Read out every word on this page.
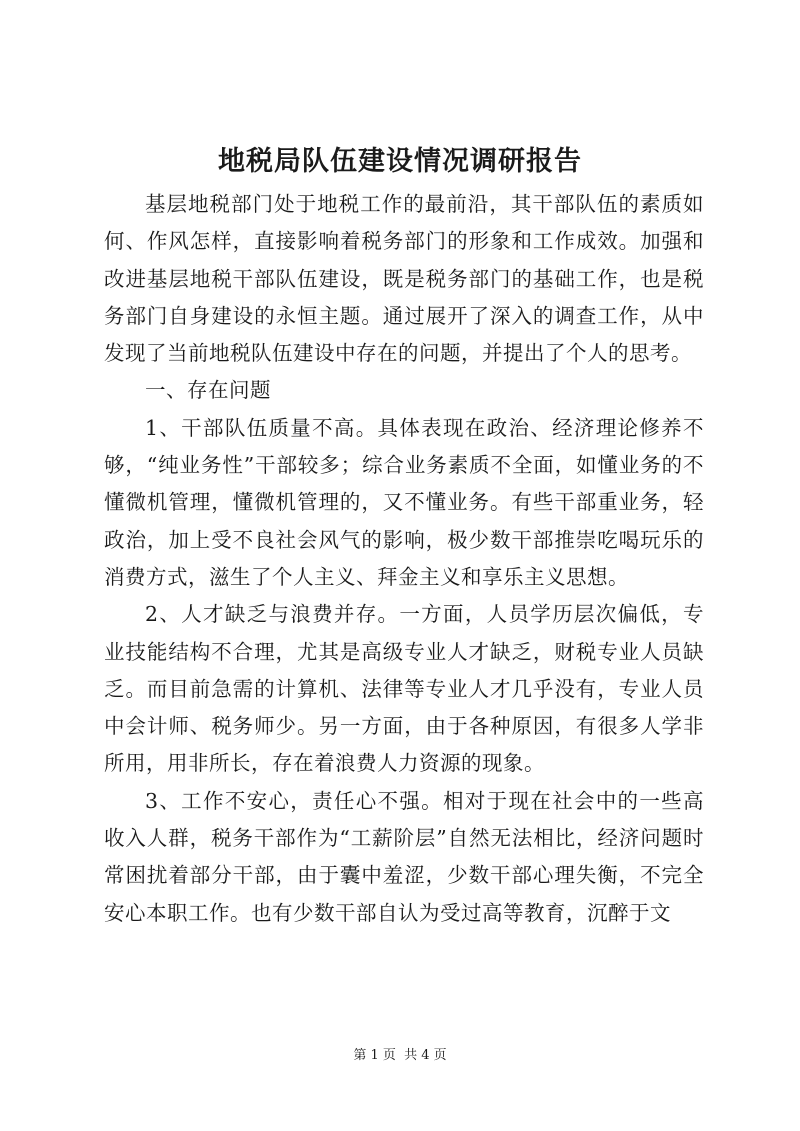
地税局队伍建设情况调研报告

基层地税部门处于地税工作的最前沿，其干部队伍的素质如何、作风怎样，直接影响着税务部门的形象和工作成效。加强和改进基层地税干部队伍建设，既是税务部门的基础工作，也是税务部门自身建设的永恒主题。通过展开了深入的调查工作，从中发现了当前地税队伍建设中存在的问题，并提出了个人的思考。

一、存在问题

1、干部队伍质量不高。具体表现在政治、经济理论修养不够，“纯业务性”干部较多；综合业务素质不全面，如懂业务的不懂微机管理，懂微机管理的，又不懂业务。有些干部重业务，轻政治，加上受不良社会风气的影响，极少数干部推崇吃喝玩乐的消费方式，滋生了个人主义、拜金主义和享乐主义思想。

2、人才缺乏与浪费并存。一方面，人员学历层次偏低，专业技能结构不合理，尤其是高级专业人才缺乏，财税专业人员缺乏。而目前急需的计算机、法律等专业人才几乎没有，专业人员中会计师、税务师少。另一方面，由于各种原因，有很多人学非所用，用非所长，存在着浪费人力资源的现象。

3、工作不安心，责任心不强。相对于现在社会中的一些高收入人群，税务干部作为“工薪阶层”自然无法相比，经济问题时常困扰着部分干部，由于囊中羞涩，少数干部心理失衡，不完全安心本职工作。也有少数干部自认为受过高等教育，沉醉于文

第 1 页 共 4 页
